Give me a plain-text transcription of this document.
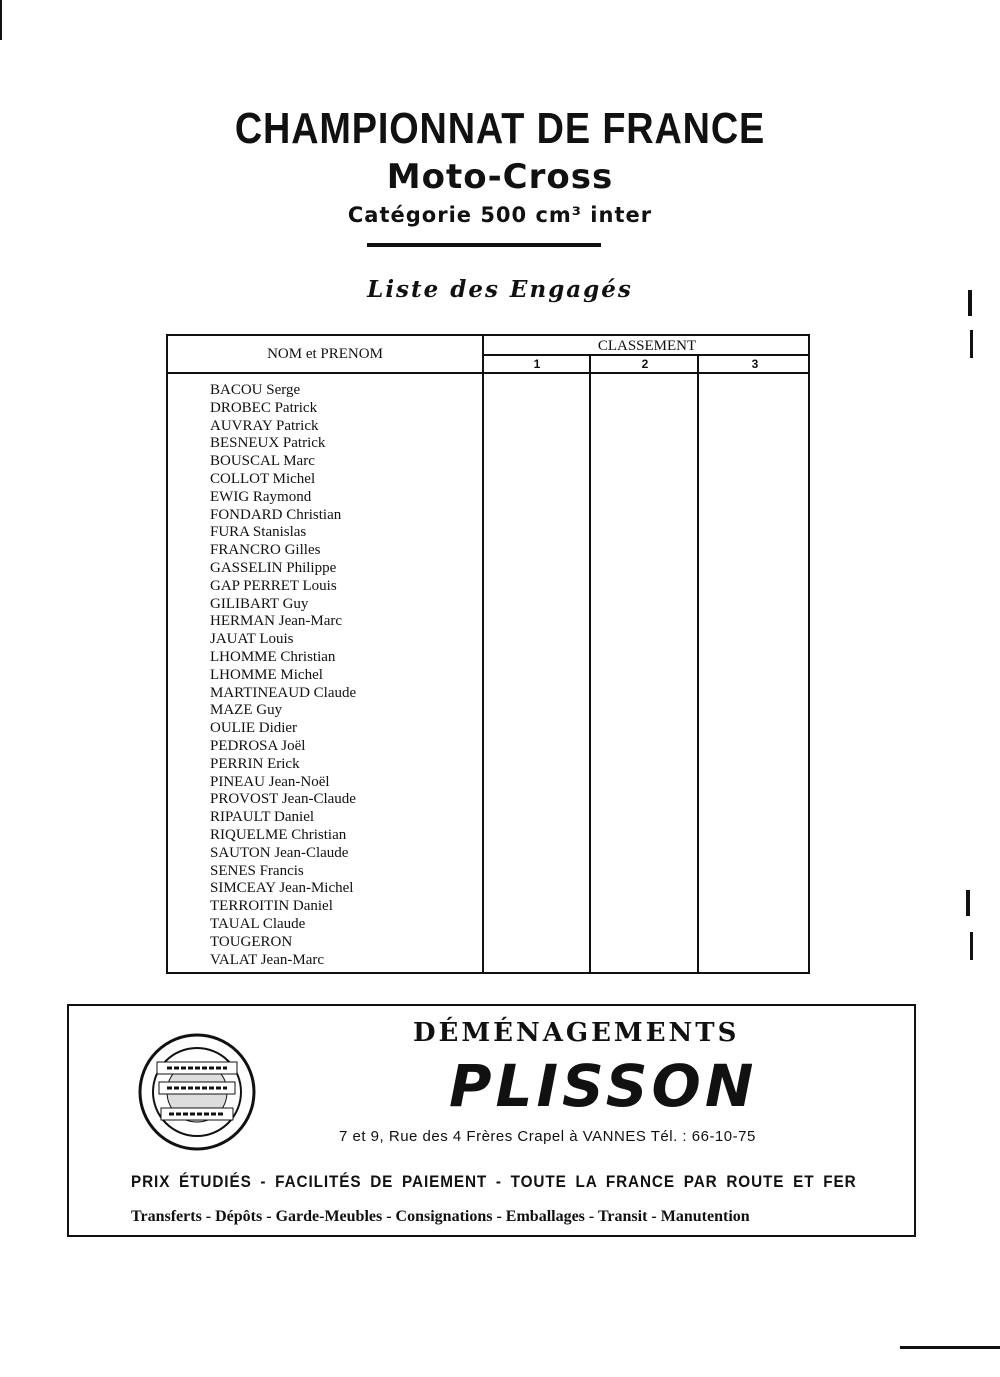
CHAMPIONNAT DE FRANCE
Moto-Cross
Catégorie 500 cm³ inter
Liste des Engagés
NOM et PRENOM	CLASSEMENT
1	2	3
BACOU Serge
DROBEC Patrick
AUVRAY Patrick
BESNEUX Patrick
BOUSCAL Marc
COLLOT Michel
EWIG Raymond
FONDARD Christian
FURA Stanislas
FRANCRO Gilles
GASSELIN Philippe
GAP PERRET Louis
GILIBART Guy
HERMAN Jean-Marc
JAUAT Louis
LHOMME Christian
LHOMME Michel
MARTINEAUD Claude
MAZE Guy
OULIE Didier
PEDROSA Joël
PERRIN Erick
PINEAU Jean-Noël
PROVOST Jean-Claude
RIPAULT Daniel
RIQUELME Christian
SAUTON Jean-Claude
SENES Francis
SIMCEAY Jean-Michel
TERROITIN Daniel
TAUAL Claude
TOUGERON
VALAT Jean-Marc
DÉMÉNAGEMENTS
PLISSON
7 et 9, Rue des 4 Frères Crapel à VANNES Tél. : 66-10-75
PRIX ÉTUDIÉS - FACILITÉS DE PAIEMENT - TOUTE LA FRANCE PAR ROUTE ET FER
Transferts - Dépôts - Garde-Meubles - Consignations - Emballages - Transit - Manutention
